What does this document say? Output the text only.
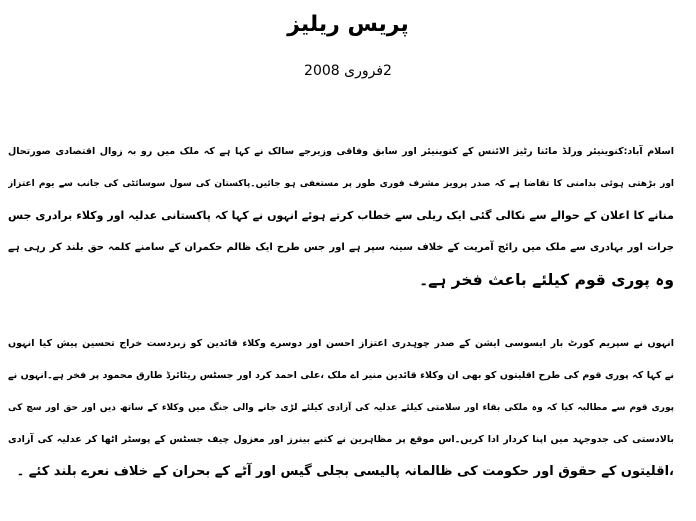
پریس ریلیز
2فروری 2008
اسلام آباد:کنوینیئر ورلڈ مائنا رٹیز الائنس کے کنوینیئر اور سابق وفاقی وزیرجے سالک نے کہا ہے کہ ملک میں رو بہ زوال اقتصادی صورتحال
اور بڑھتی ہوئی بدامنی کا تقاضا ہے کہ صدر پرویز مشرف فوری طور پر مستعفی ہو جائیں۔پاکستان کی سول سوسائٹی کی جانب سے یوم اعتزاز
منانے کا اعلان کے حوالے سے نکالی گئی ایک ریلی سے خطاب کرتے ہوئے انہوں نے کہا کہ پاکستانی عدلیہ اور وکلاء برادری جس
جرات اور بہادری سے ملک میں رائج آمریت کے خلاف سینہ سپر ہے اور جس طرح ایک ظالم حکمران کے سامنے کلمہ حق بلند کر رہی ہے
وہ پوری قوم کیلئے باعث فخر ہے۔
انہوں نے سپریم کورٹ بار ایسوسی ایشن کے صدر چوہدری اعتزاز احسن اور دوسرے وکلاء قائدین کو زبردست خراج تحسین پیش کیا انہوں
نے کہا کہ پوری قوم کی طرح اقلیتوں کو بھی ان وکلاء قائدین منیر اے ملک ،علی احمد کرد اور جسٹس ریٹائرڈ طارق محمود پر فخر ہے۔انہوں نے
پوری قوم سے مطالبہ کیا کہ وہ ملکی بقاء اور سلامتی کیلئے عدلیہ کی آزادی کیلئے لڑی جانے والی جنگ میں وکلاء کے ساتھ دیں اور حق اور سچ کی
بالادستی کی جدوجہد میں اپنا کردار ادا کریں۔اس موقع پر مظاہرین نے کتبے بینرز اور معزول چیف جسٹس کے پوسٹر اٹھا کر عدلیہ کی آزادی
،اقلیتوں کے حقوق اور حکومت کی ظالمانہ پالیسی بجلی گیس اور آٹے کے بحران کے خلاف نعرے بلند کئے ۔
